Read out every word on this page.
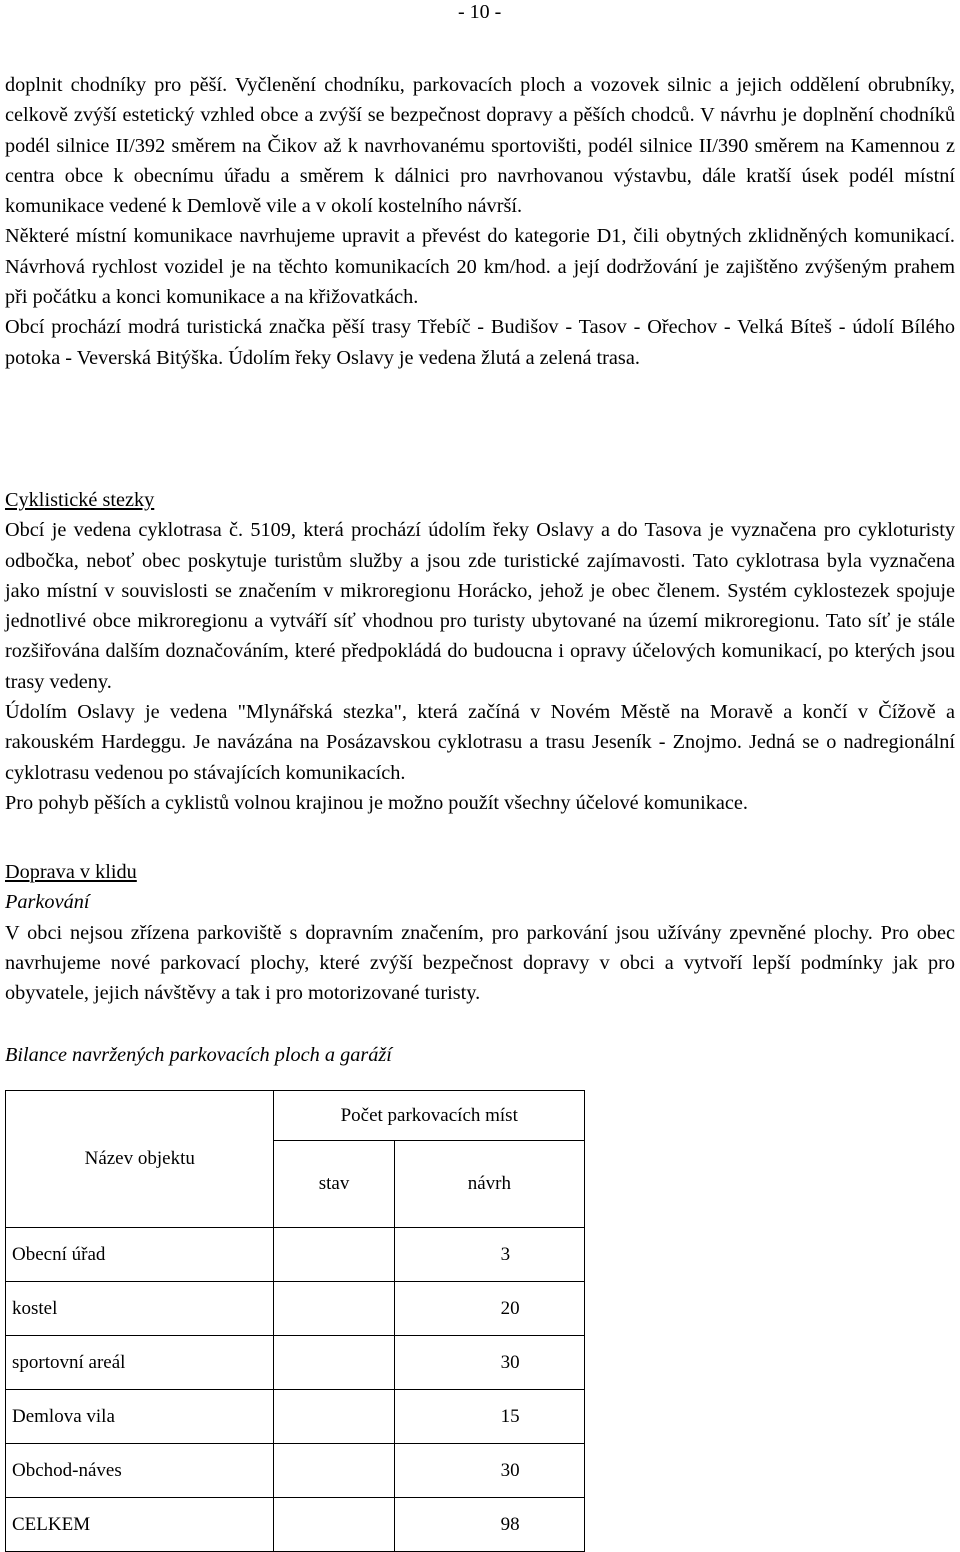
- 10 -
doplnit chodníky pro pěší. Vyčlenění chodníku, parkovacích ploch a vozovek silnic a jejich oddělení obrubníky, celkově zvýší estetický vzhled obce a zvýší se bezpečnost dopravy a pěších chodců. V návrhu je doplnění chodníků podél silnice II/392 směrem na Čikov až k navrhovanému sportovišti, podél silnice II/390 směrem na Kamennou z centra obce k obecnímu úřadu a směrem k dálnici pro navrhovanou výstavbu, dále kratší úsek podél místní komunikace vedené k Demlově vile a v okolí kostelního návrší.
Některé místní komunikace navrhujeme upravit a převést do kategorie D1, čili obytných zklidněných komunikací. Návrhová rychlost vozidel je na těchto komunikacích 20 km/hod. a její dodržování je zajištěno zvýšeným prahem při počátku a konci komunikace a na křižovatkách.
Obcí prochází modrá turistická značka pěší trasy Třebíč - Budišov - Tasov - Ořechov - Velká Bíteš - údolí Bílého potoka - Veverská Bitýška. Údolím řeky Oslavy je vedena žlutá a zelená trasa.
Cyklistické stezky
Obcí je vedena cyklotrasa č. 5109, která prochází údolím řeky Oslavy a do Tasova je vyznačena pro cykloturisty odbočka, neboť obec poskytuje turistům služby a jsou zde turistické zajímavosti. Tato cyklotrasa byla vyznačena jako místní v souvislosti se značením v mikroregionu Horácko, jehož je obec členem. Systém cyklostezek spojuje jednotlivé obce mikroregionu a vytváří síť vhodnou pro turisty ubytované na území mikroregionu. Tato síť je stále rozšiřována dalším doznačováním, které předpokládá do budoucna i opravy účelových komunikací, po kterých jsou trasy vedeny.
Údolím Oslavy je vedena "Mlynářská stezka", která začíná v Novém Městě na Moravě a končí v Čížově a rakouském Hardeggu. Je navázána na Posázavskou cyklotrasu a trasu Jeseník - Znojmo. Jedná se o nadregionální cyklotrasu vedenou po stávajících komunikacích.
Pro pohyb pěších a cyklistů volnou krajinou je možno použít všechny účelové komunikace.
Doprava v klidu
Parkování
V obci nejsou zřízena parkoviště s dopravním značením, pro parkování jsou užívány zpevněné plochy. Pro obec navrhujeme nové parkovací plochy, které zvýší bezpečnost dopravy v obci a vytvoří lepší podmínky jak pro obyvatele, jejich návštěvy a tak i pro motorizované turisty.

Bilance navržených parkovacích ploch a garáží

Název objektu	Počet parkovacích míst	
	stav	návrh
Obecní úřad		3
kostel		20
sportovní areál		30
Demlova vila		15
Obchod-náves		30
CELKEM		98
